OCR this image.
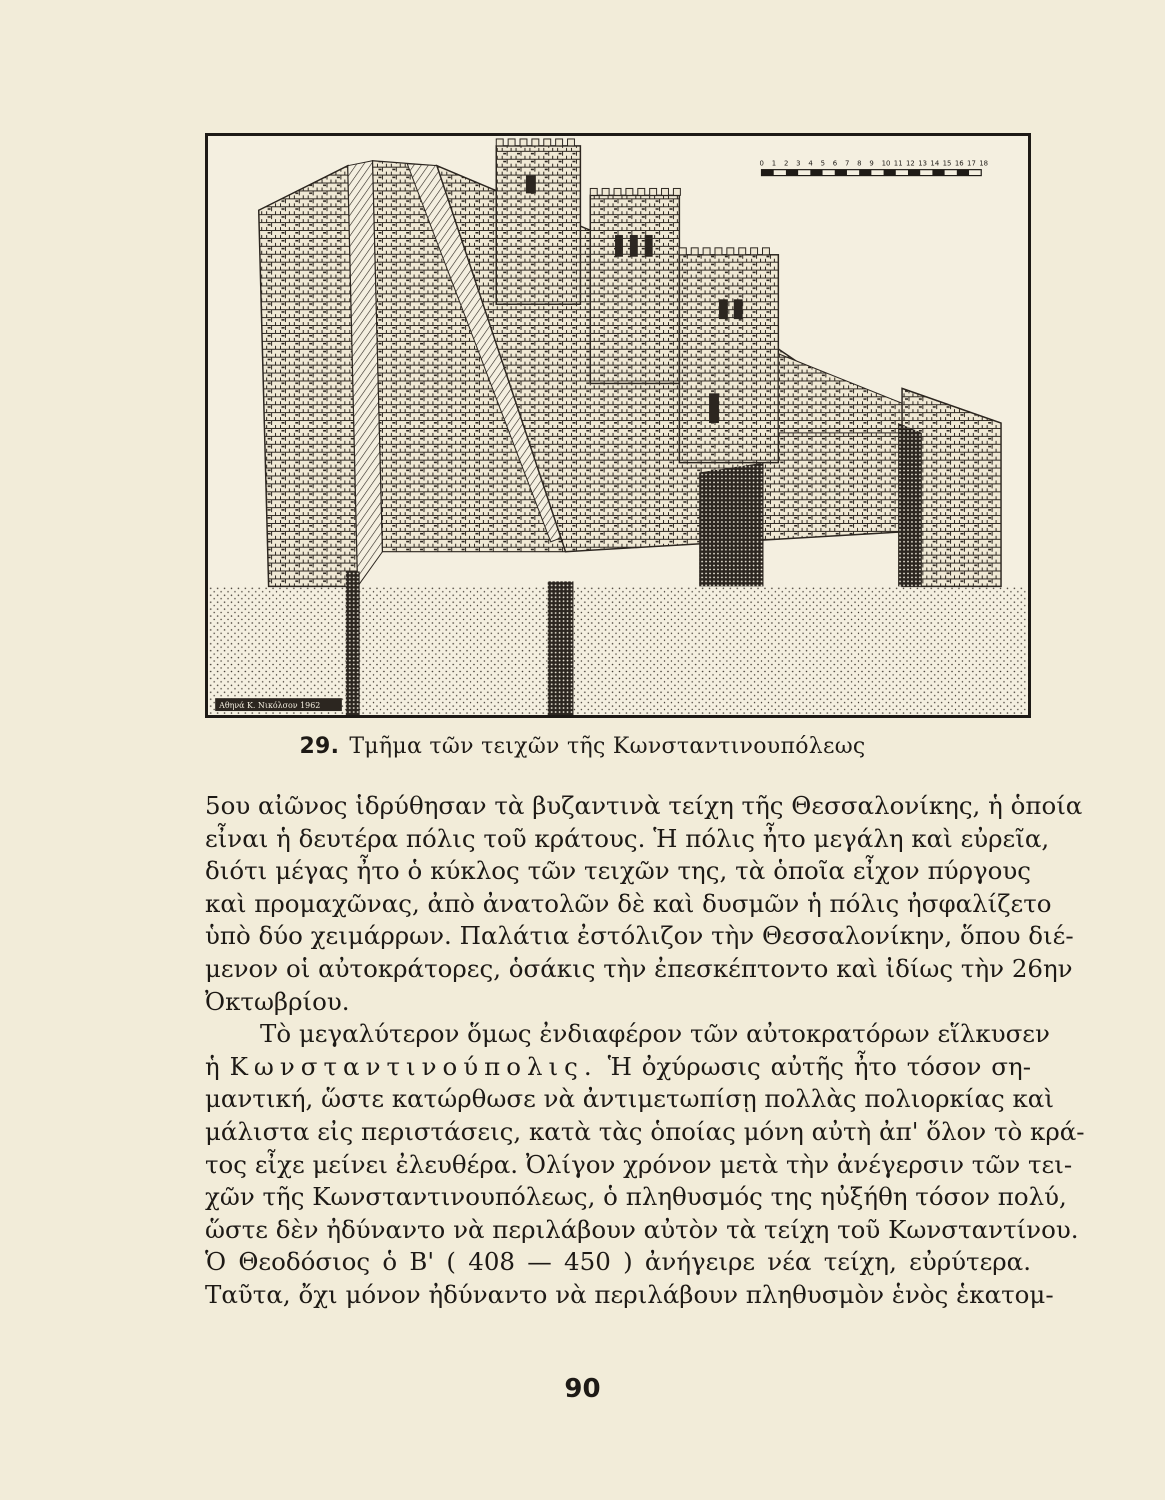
0 1 2 3 4 5 6 7 8 9 10 11 12 13 14 15 16 17 18
Αθηνά Κ. Νικόλσον 1962
29. Τμῆμα τῶν τειχῶν τῆς Κωνσταντινουπόλεως
5ου αἰῶνος ἱδρύθησαν τὰ βυζαντινὰ τείχη τῆς Θεσσαλονίκης, ἡ ὁποία
εἶναι ἡ δευτέρα πόλις τοῦ κράτους. Ἡ πόλις ἦτο μεγάλη καὶ εὐρεῖα,
διότι μέγας ἦτο ὁ κύκλος τῶν τειχῶν της, τὰ ὁποῖα εἶχον πύργους
καὶ προμαχῶνας, ἀπὸ ἀνατολῶν δὲ καὶ δυσμῶν ἡ πόλις ἠσφαλίζετο
ὑπὸ δύο χειμάρρων. Παλάτια ἐστόλιζον τὴν Θεσσαλονίκην, ὅπου διέ-
μενον οἱ αὐτοκράτορες, ὁσάκις τὴν ἐπεσκέπτοντο καὶ ἰδίως τὴν 26ην
Ὀκτωβρίου.
Τὸ μεγαλύτερον ὅμως ἐνδιαφέρον τῶν αὐτοκρατόρων εἵλκυσεν
ἡ Κωνσταντινούπολις. Ἡ ὀχύρωσις αὐτῆς ἦτο τόσον ση-
μαντική, ὥστε κατώρθωσε νὰ ἀντιμετωπίσῃ πολλὰς πολιορκίας καὶ
μάλιστα εἰς περιστάσεις, κατὰ τὰς ὁποίας μόνη αὐτὴ ἀπ' ὅλον τὸ κρά-
τος εἶχε μείνει ἐλευθέρα. Ὀλίγον χρόνον μετὰ τὴν ἀνέγερσιν τῶν τει-
χῶν τῆς Κωνσταντινουπόλεως, ὁ πληθυσμός της ηὐξήθη τόσον πολύ,
ὥστε δὲν ἠδύναντο νὰ περιλάβουν αὐτὸν τὰ τείχη τοῦ Κωνσταντίνου.
Ὁ Θεοδόσιος ὁ Β' ( 408 — 450 ) ἀνήγειρε νέα τείχη, εὐρύτερα.
Ταῦτα, ὄχι μόνον ἠδύναντο νὰ περιλάβουν πληθυσμὸν ἑνὸς ἑκατομ-
90
